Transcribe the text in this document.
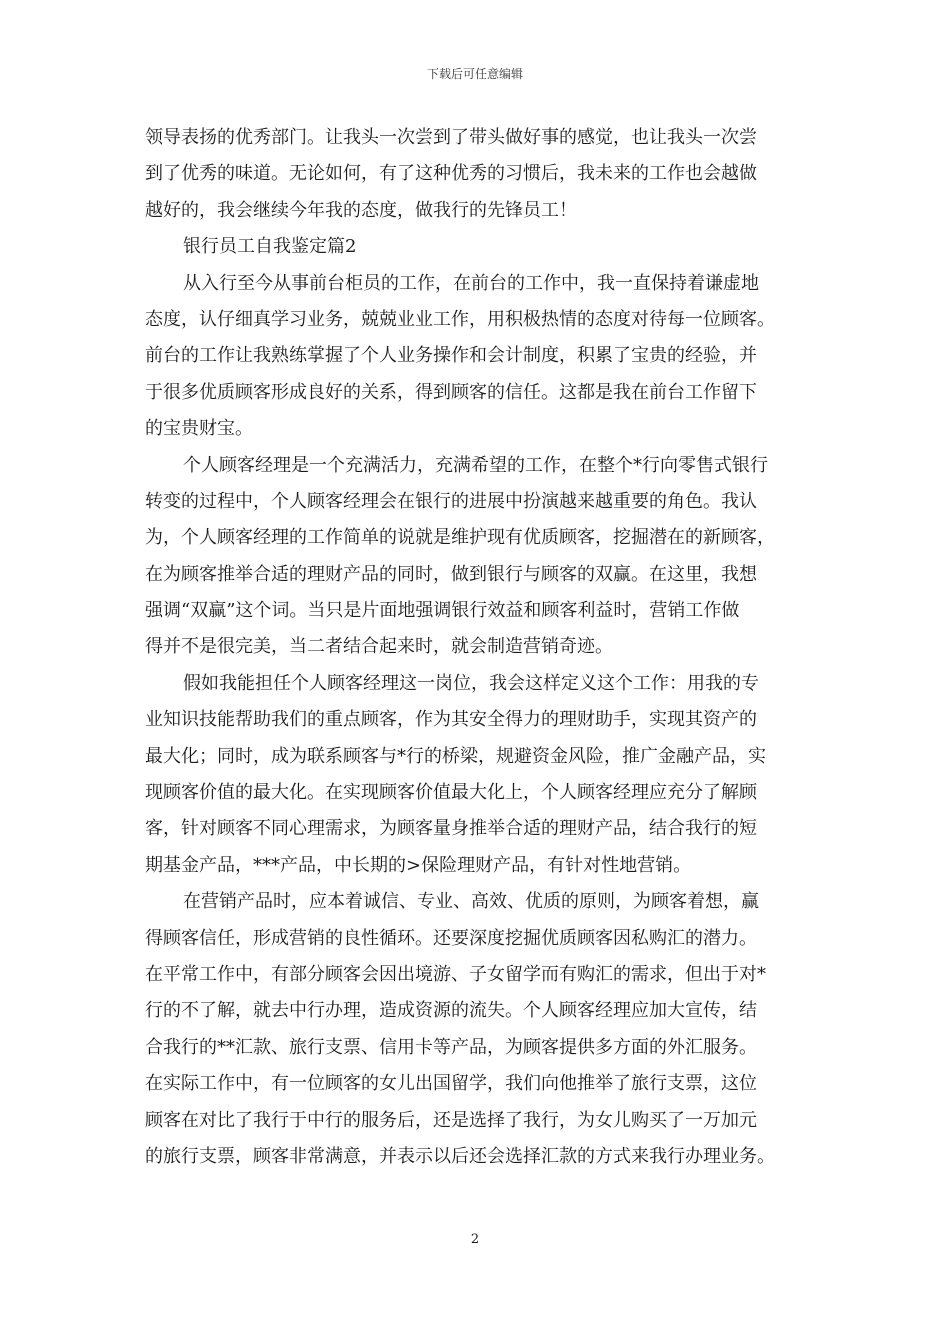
下载后可任意编辑
领导表扬的优秀部门。让我头一次尝到了带头做好事的感觉，也让我头一次尝
到了优秀的味道。无论如何，有了这种优秀的习惯后，我未来的工作也会越做
越好的，我会继续今年我的态度，做我行的先锋员工！
银行员工自我鉴定篇2
从入行至今从事前台柜员的工作，在前台的工作中，我一直保持着谦虚地
态度，认仔细真学习业务，兢兢业业工作，用积极热情的态度对待每一位顾客。
前台的工作让我熟练掌握了个人业务操作和会计制度，积累了宝贵的经验，并
于很多优质顾客形成良好的关系，得到顾客的信任。这都是我在前台工作留下
的宝贵财宝。
个人顾客经理是一个充满活力，充满希望的工作，在整个*行向零售式银行
转变的过程中，个人顾客经理会在银行的进展中扮演越来越重要的角色。我认
为，个人顾客经理的工作简单的说就是维护现有优质顾客，挖掘潜在的新顾客，
在为顾客推举合适的理财产品的同时，做到银行与顾客的双赢。在这里，我想
强调“双赢”这个词。当只是片面地强调银行效益和顾客利益时，营销工作做
得并不是很完美，当二者结合起来时，就会制造营销奇迹。
假如我能担任个人顾客经理这一岗位，我会这样定义这个工作：用我的专
业知识技能帮助我们的重点顾客，作为其安全得力的理财助手，实现其资产的
最大化；同时，成为联系顾客与*行的桥梁，规避资金风险，推广金融产品，实
现顾客价值的最大化。在实现顾客价值最大化上，个人顾客经理应充分了解顾
客，针对顾客不同心理需求，为顾客量身推举合适的理财产品，结合我行的短
期基金产品，***产品，中长期的>保险理财产品，有针对性地营销。
在营销产品时，应本着诚信、专业、高效、优质的原则，为顾客着想，赢
得顾客信任，形成营销的良性循环。还要深度挖掘优质顾客因私购汇的潜力。
在平常工作中，有部分顾客会因出境游、子女留学而有购汇的需求，但出于对*
行的不了解，就去中行办理，造成资源的流失。个人顾客经理应加大宣传，结
合我行的**汇款、旅行支票、信用卡等产品，为顾客提供多方面的外汇服务。
在实际工作中，有一位顾客的女儿出国留学，我们向他推举了旅行支票，这位
顾客在对比了我行于中行的服务后，还是选择了我行，为女儿购买了一万加元
的旅行支票，顾客非常满意，并表示以后还会选择汇款的方式来我行办理业务。
2
